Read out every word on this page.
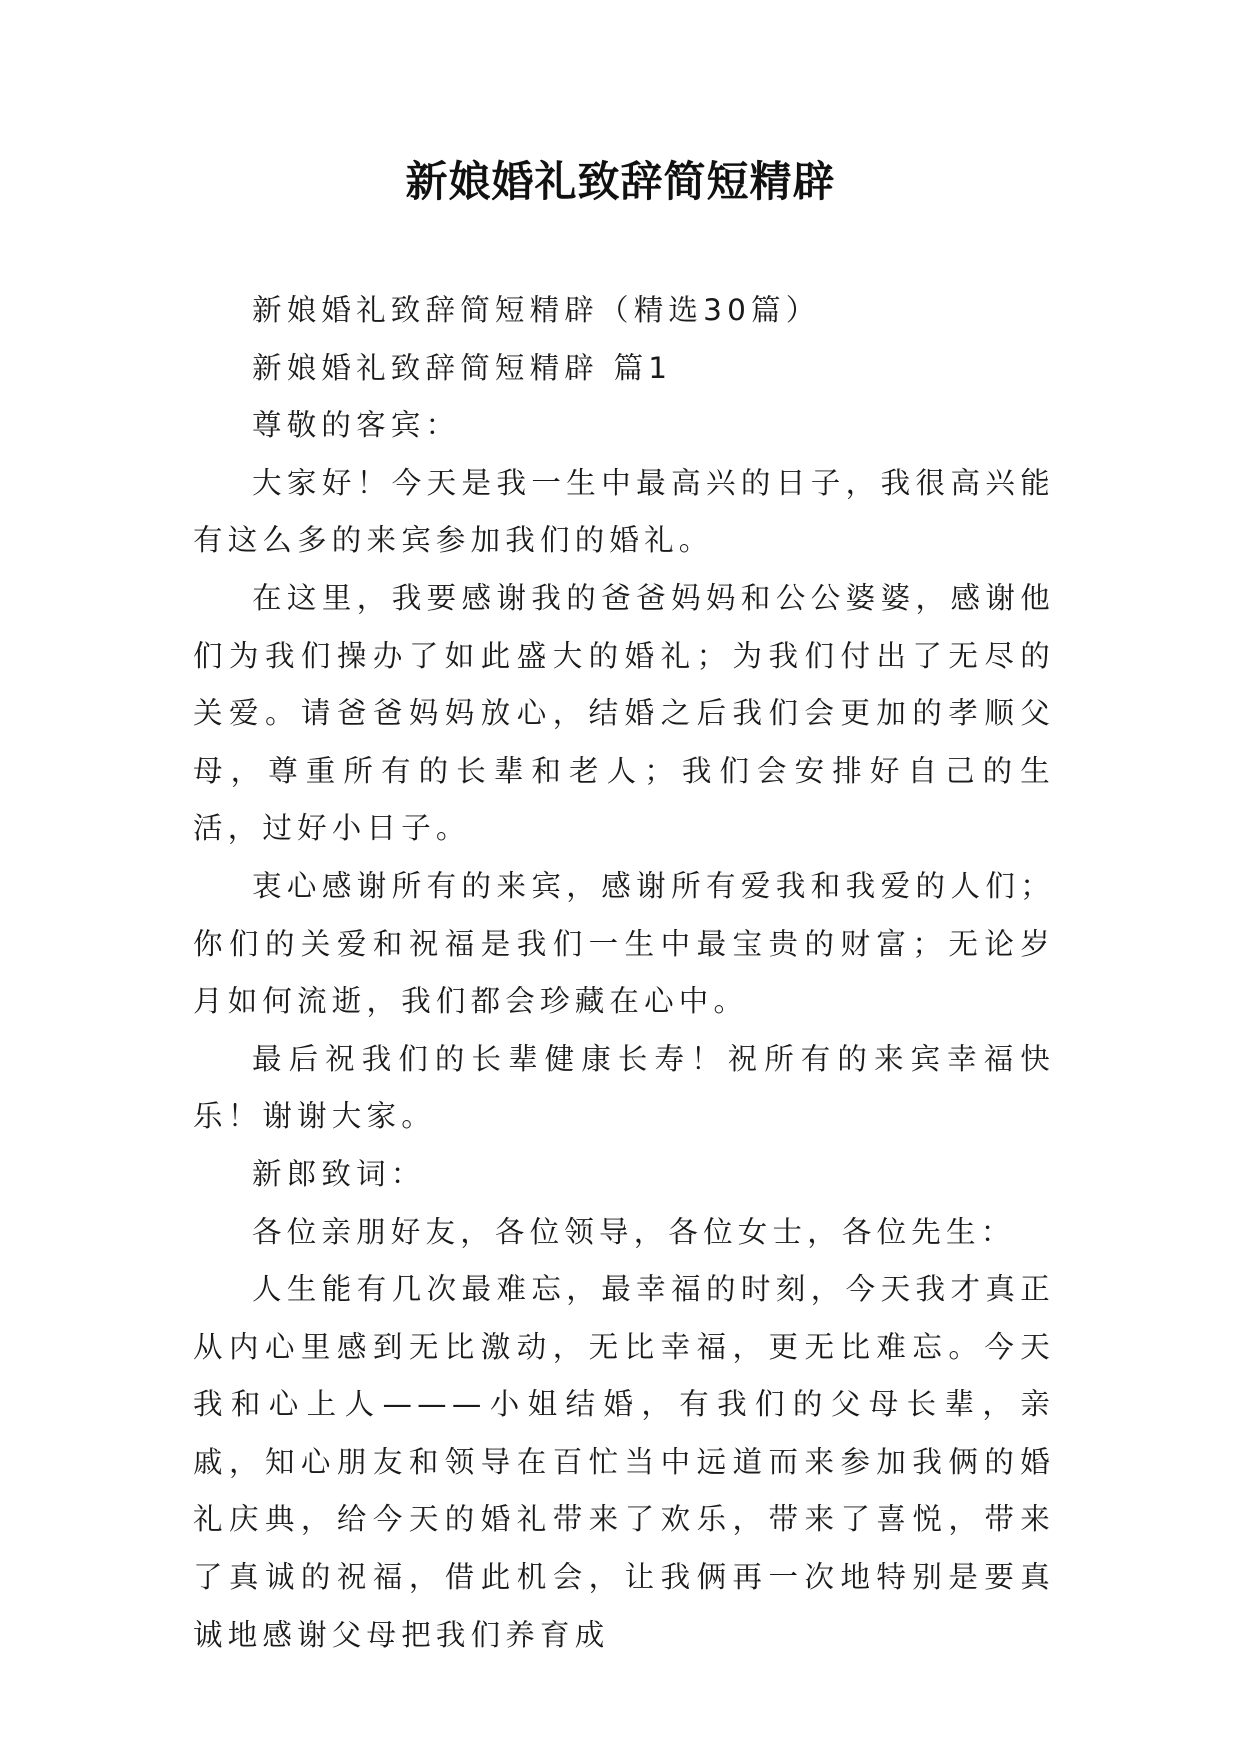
新娘婚礼致辞简短精辟

新娘婚礼致辞简短精辟（精选30篇）

新娘婚礼致辞简短精辟 篇1

尊敬的客宾：

大家好！今天是我一生中最高兴的日子，我很高兴能有这么多的来宾参加我们的婚礼。

在这里，我要感谢我的爸爸妈妈和公公婆婆，感谢他们为我们操办了如此盛大的婚礼；为我们付出了无尽的关爱。请爸爸妈妈放心，结婚之后我们会更加的孝顺父母，尊重所有的长辈和老人；我们会安排好自己的生活，过好小日子。

衷心感谢所有的来宾，感谢所有爱我和我爱的人们；你们的关爱和祝福是我们一生中最宝贵的财富；无论岁月如何流逝，我们都会珍藏在心中。

最后祝我们的长辈健康长寿！祝所有的来宾幸福快乐！谢谢大家。

新郎致词：

各位亲朋好友，各位领导，各位女士，各位先生：

人生能有几次最难忘，最幸福的时刻，今天我才真正从内心里感到无比激动，无比幸福，更无比难忘。今天我和心上人———小姐结婚，有我们的父母长辈，亲戚，知心朋友和领导在百忙当中远道而来参加我俩的婚礼庆典，给今天的婚礼带来了欢乐，带来了喜悦，带来了真诚的祝福，借此机会，让我俩再一次地特别是要真诚地感谢父母把我们养育成
